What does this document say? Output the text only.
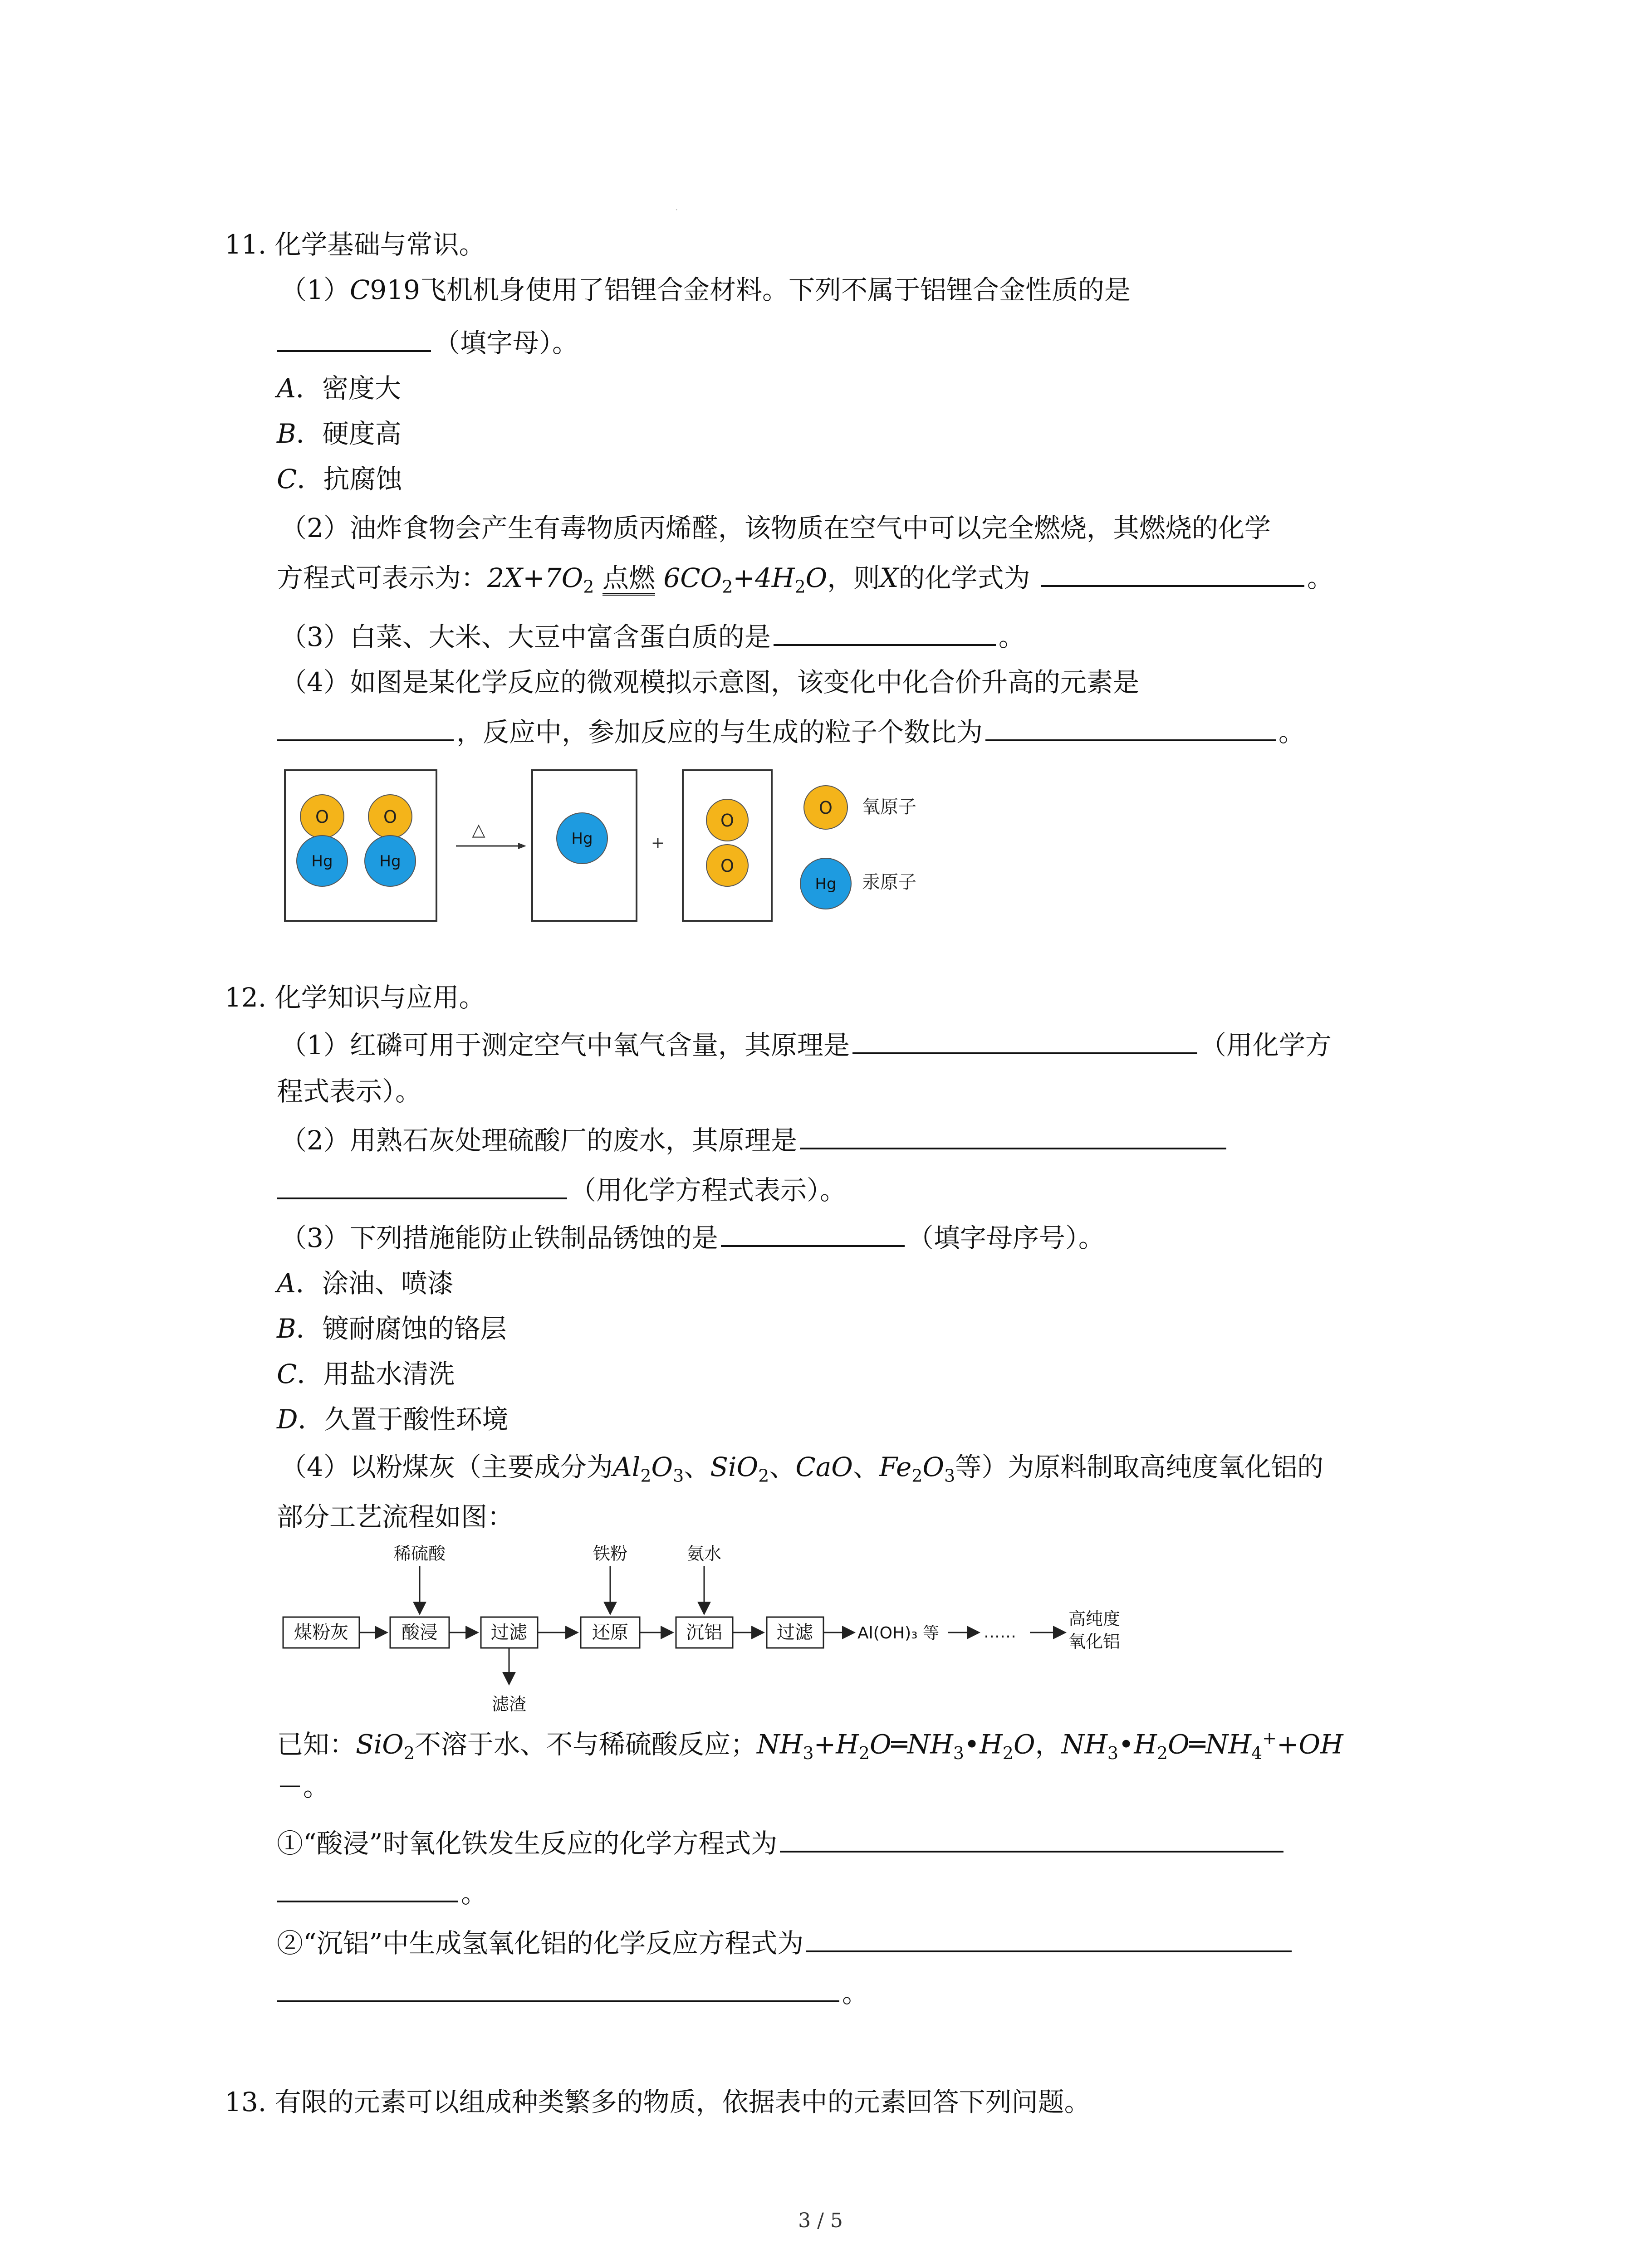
·
11. 化学基础与常识。
（1）C919飞机机身使用了铝锂合金材料。下列不属于铝锂合金性质的是
（填字母）。
A．密度大
B．硬度高
C．抗腐蚀
（2）油炸食物会产生有毒物质丙烯醛，该物质在空气中可以完全燃烧，其燃烧的化学
方程式可表示为：$2X+7O_2$ 点燃 $6CO_2+4H_2O$，则X的化学式为	。
（3）白菜、大米、大豆中富含蛋白质的是	。
（4）如图是某化学反应的微观模拟示意图，该变化中化合价升高的元素是
，反应中，参加反应的与生成的粒子个数比为	。
O
Hg
O
Hg
△	Hg	+
O
O
O 氧原子
Hg 汞原子
12. 化学知识与应用。
（1）红磷可用于测定空气中氧气含量，其原理是	（用化学方
程式表示）。
（2）用熟石灰处理硫酸厂的废水，其原理是
（用化学方程式表示）。
（3）下列措施能防止铁制品锈蚀的是	（填字母序号）。
A．涂油、喷漆
B．镀耐腐蚀的铬层
C．用盐水清洗
D．久置于酸性环境
（4）以粉煤灰（主要成分为$Al_2O_3$、SiO$_2$、CaO、$Fe_2O_3$等）为原料制取高纯度氧化铝的
部分工艺流程如图：
煤粉灰	酸浸
稀硫酸
过滤
滤渣
还原
铁粉
沉铝
氨水
过滤	Al(OH)₃ 等	……
高纯度
氧化铝
已知：SiO$_2$不溶于水、不与稀硫酸反应；$NH_3+H_2O═NH_3•H_2O$，$NH_3•H_2O═NH_4^++OH$
－。
①“酸浸”时氧化铁发生反应的化学方程式为
。
②“沉铝”中生成氢氧化铝的化学反应方程式为
。
13. 有限的元素可以组成种类繁多的物质，依据表中的元素回答下列问题。
3 / 5
